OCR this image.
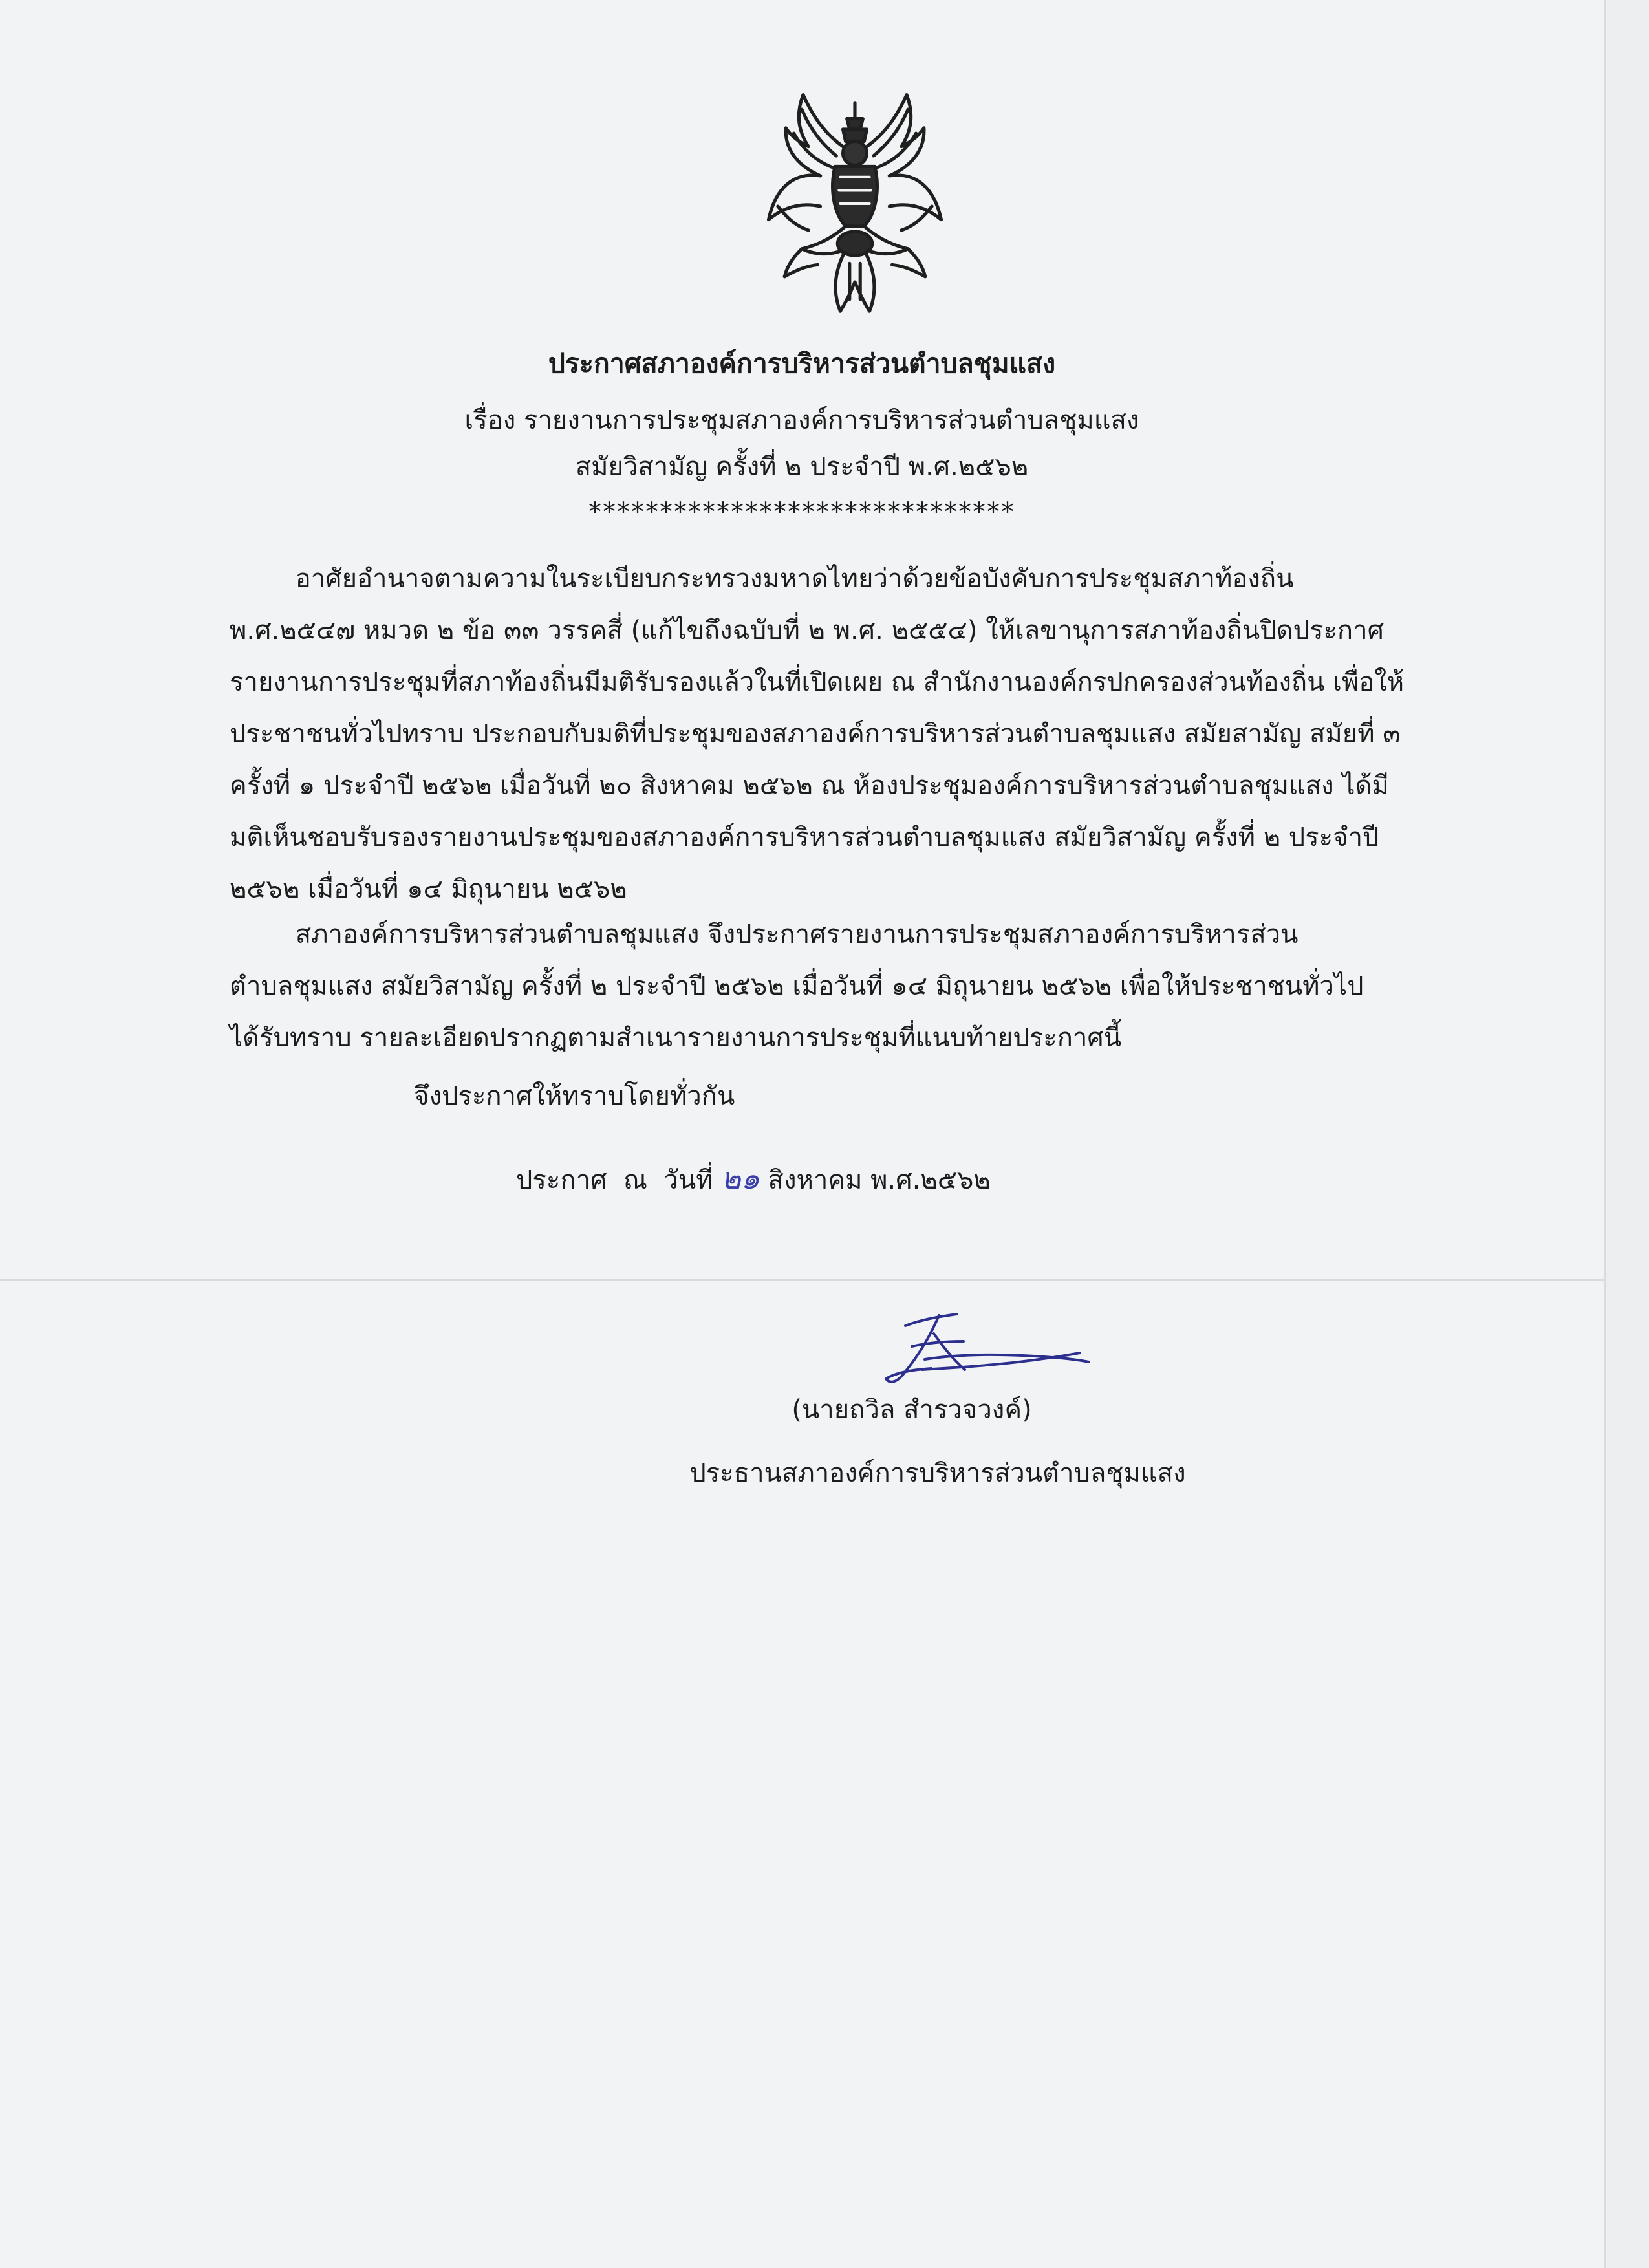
ประกาศสภาองค์การบริหารส่วนตำบลชุมแสง

เรื่อง รายงานการประชุมสภาองค์การบริหารส่วนตำบลชุมแสง

สมัยวิสามัญ ครั้งที่ ๒ ประจำปี พ.ศ.๒๕๖๒

******************************

อาศัยอำนาจตามความในระเบียบกระทรวงมหาดไทยว่าด้วยข้อบังคับการประชุมสภาท้องถิ่น
พ.ศ.๒๕๔๗ หมวด ๒ ข้อ ๓๓ วรรคสี่ (แก้ไขถึงฉบับที่ ๒ พ.ศ. ๒๕๕๔) ให้เลขานุการสภาท้องถิ่นปิดประกาศ
รายงานการประชุมที่สภาท้องถิ่นมีมติรับรองแล้วในที่เปิดเผย ณ สำนักงานองค์กรปกครองส่วนท้องถิ่น เพื่อให้
ประชาชนทั่วไปทราบ ประกอบกับมติที่ประชุมของสภาองค์การบริหารส่วนตำบลชุมแสง สมัยสามัญ สมัยที่ ๓
ครั้งที่ ๑ ประจำปี ๒๕๖๒ เมื่อวันที่ ๒๐ สิงหาคม ๒๕๖๒ ณ ห้องประชุมองค์การบริหารส่วนตำบลชุมแสง ได้มี
มติเห็นชอบรับรองรายงานประชุมของสภาองค์การบริหารส่วนตำบลชุมแสง สมัยวิสามัญ ครั้งที่ ๒ ประจำปี
๒๕๖๒ เมื่อวันที่ ๑๔ มิถุนายน ๒๕๖๒
สภาองค์การบริหารส่วนตำบลชุมแสง จึงประกาศรายงานการประชุมสภาองค์การบริหารส่วน
ตำบลชุมแสง สมัยวิสามัญ ครั้งที่ ๒ ประจำปี ๒๕๖๒ เมื่อวันที่ ๑๔ มิถุนายน ๒๕๖๒ เพื่อให้ประชาชนทั่วไป
ได้รับทราบ รายละเอียดปรากฏตามสำเนารายงานการประชุมที่แนบท้ายประกาศนี้

จึงประกาศให้ทราบโดยทั่วกัน

ประกาศ  ณ  วันที่ ๒๑ สิงหาคม พ.ศ.๒๕๖๒

(นายถวิล สำรวจวงค์)

ประธานสภาองค์การบริหารส่วนตำบลชุมแสง
